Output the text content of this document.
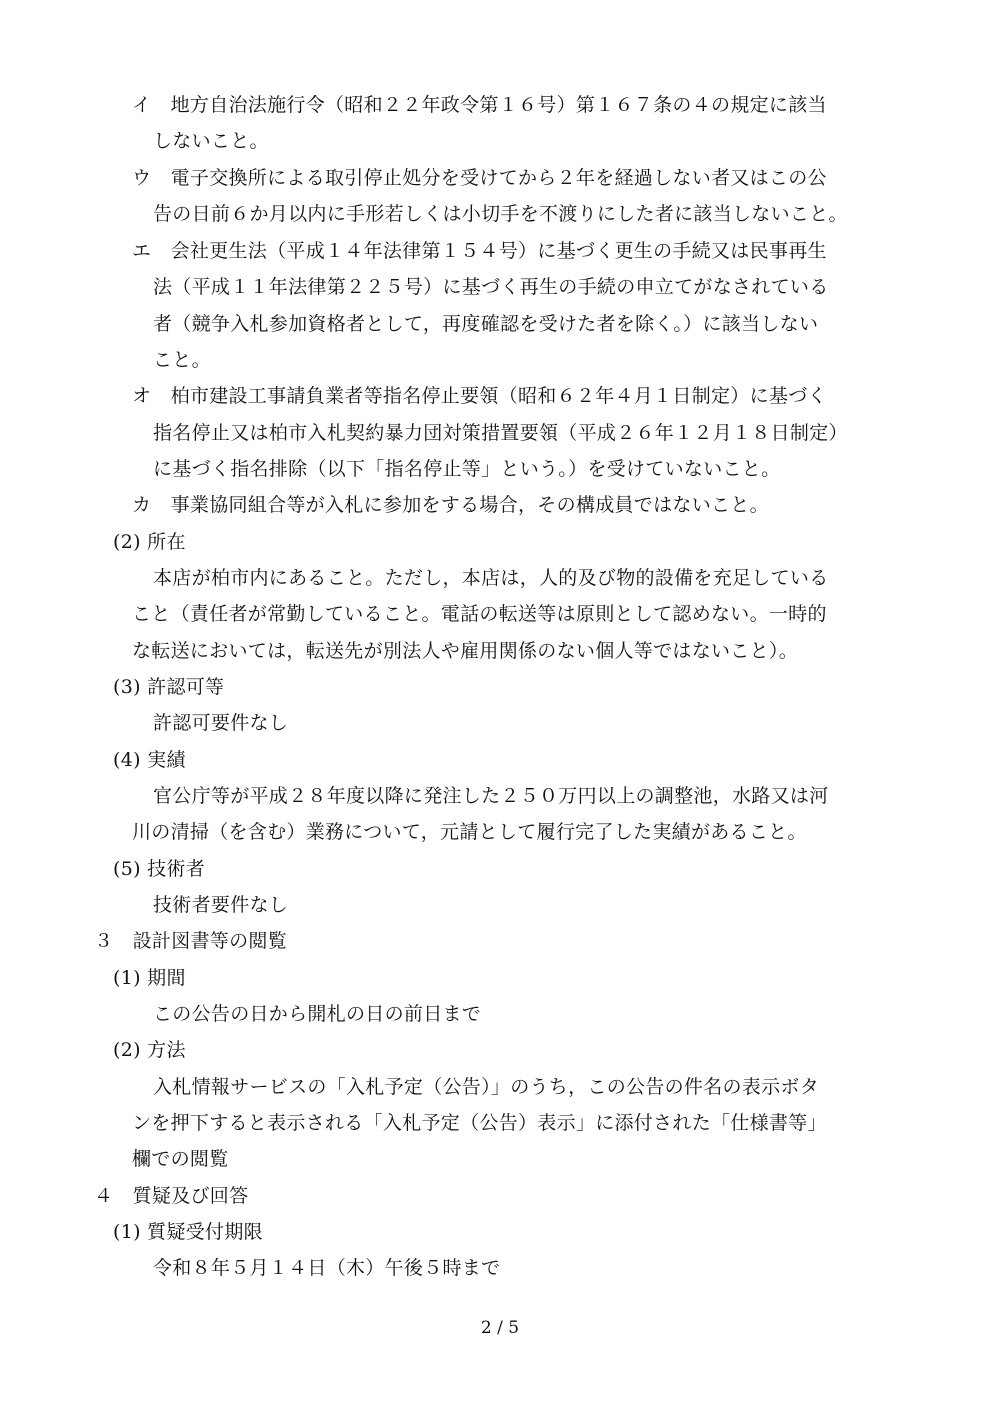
イ　地方自治法施行令（昭和２２年政令第１６号）第１６７条の４の規定に該当
しないこと。
ウ　電子交換所による取引停止処分を受けてから２年を経過しない者又はこの公
告の日前６か月以内に手形若しくは小切手を不渡りにした者に該当しないこと。
エ　会社更生法（平成１４年法律第１５４号）に基づく更生の手続又は民事再生
法（平成１１年法律第２２５号）に基づく再生の手続の申立てがなされている
者（競争入札参加資格者として，再度確認を受けた者を除く。）に該当しない
こと。
オ　柏市建設工事請負業者等指名停止要領（昭和６２年４月１日制定）に基づく
指名停止又は柏市入札契約暴力団対策措置要領（平成２６年１２月１８日制定）
に基づく指名排除（以下「指名停止等」という。）を受けていないこと。
カ　事業協同組合等が入札に参加をする場合，その構成員ではないこと。
(2) 所在
本店が柏市内にあること。ただし，本店は，人的及び物的設備を充足している
こと（責任者が常勤していること。電話の転送等は原則として認めない。一時的
な転送においては，転送先が別法人や雇用関係のない個人等ではないこと）。
(3) 許認可等
許認可要件なし
(4) 実績
官公庁等が平成２８年度以降に発注した２５０万円以上の調整池，水路又は河
川の清掃（を含む）業務について，元請として履行完了した実績があること。
(5) 技術者
技術者要件なし
３　設計図書等の閲覧
(1) 期間
この公告の日から開札の日の前日まで
(2) 方法
入札情報サービスの「入札予定（公告）」のうち，この公告の件名の表示ボタ
ンを押下すると表示される「入札予定（公告）表示」に添付された「仕様書等」
欄での閲覧
４　質疑及び回答
(1) 質疑受付期限
令和８年５月１４日（木）午後５時まで
2 / 5
